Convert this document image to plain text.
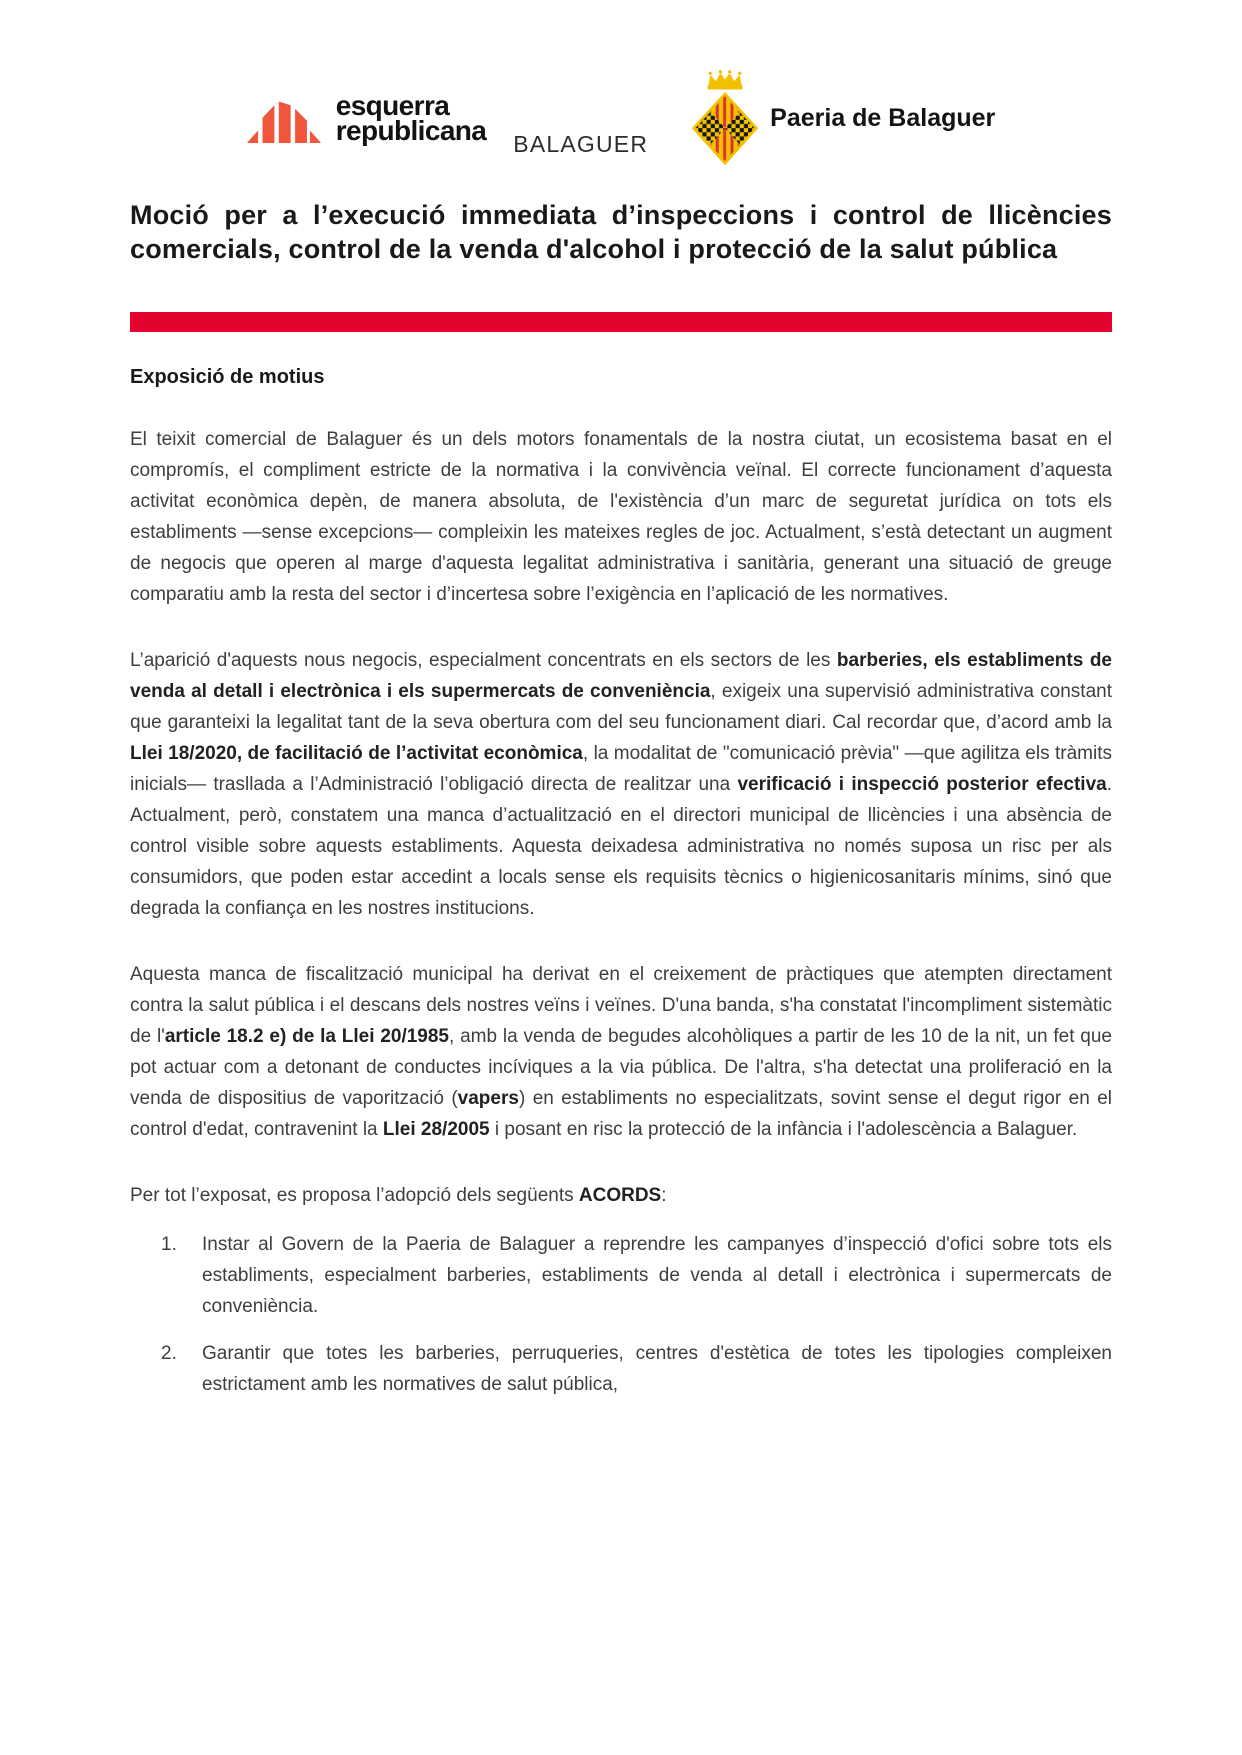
esquerra
republicana BALAGUER
Paeria de Balaguer
Moció per a l’execució immediata d’inspeccions i control de llicències comercials, control de la venda d'alcohol i protecció de la salut pública
Exposició de motius

El teixit comercial de Balaguer és un dels motors fonamentals de la nostra ciutat, un ecosistema basat en el compromís, el compliment estricte de la normativa i la convivència veïnal. El correcte funcionament d’aquesta activitat econòmica depèn, de manera absoluta, de l'existència d’un marc de seguretat jurídica on tots els establiments —sense excepcions— compleixin les mateixes regles de joc. Actualment, s’està detectant un augment de negocis que operen al marge d'aquesta legalitat administrativa i sanitària, generant una situació de greuge comparatiu amb la resta del sector i d’incertesa sobre l’exigència en l’aplicació de les normatives.

L’aparició d'aquests nous negocis, especialment concentrats en els sectors de les barberies, els establiments de venda al detall i electrònica i els supermercats de conveniència, exigeix una supervisió administrativa constant que garanteixi la legalitat tant de la seva obertura com del seu funcionament diari. Cal recordar que, d’acord amb la Llei 18/2020, de facilitació de l’activitat econòmica, la modalitat de "comunicació prèvia" —que agilitza els tràmits inicials— trasllada a l’Administració l’obligació directa de realitzar una verificació i inspecció posterior efectiva. Actualment, però, constatem una manca d’actualització en el directori municipal de llicències i una absència de control visible sobre aquests establiments. Aquesta deixadesa administrativa no només suposa un risc per als consumidors, que poden estar accedint a locals sense els requisits tècnics o higienicosanitaris mínims, sinó que degrada la confiança en les nostres institucions.

Aquesta manca de fiscalització municipal ha derivat en el creixement de pràctiques que atempten directament contra la salut pública i el descans dels nostres veïns i veïnes. D'una banda, s'ha constatat l'incompliment sistemàtic de l'article 18.2 e) de la Llei 20/1985, amb la venda de begudes alcohòliques a partir de les 10 de la nit, un fet que pot actuar com a detonant de conductes incíviques a la via pública. De l'altra, s'ha detectat una proliferació en la venda de dispositius de vaporització (vapers) en establiments no especialitzats, sovint sense el degut rigor en el control d'edat, contravenint la Llei 28/2005 i posant en risc la protecció de la infància i l'adolescència a Balaguer.

Per tot l’exposat, es proposa l’adopció dels següents ACORDS:

1.	Instar al Govern de la Paeria de Balaguer a reprendre les campanyes d’inspecció d'ofici sobre tots els establiments, especialment barberies, establiments de venda al detall i electrònica i supermercats de conveniència.
2.	Garantir que totes les barberies, perruqueries, centres d'estètica de totes les tipologies compleixen estrictament amb les normatives de salut pública,
